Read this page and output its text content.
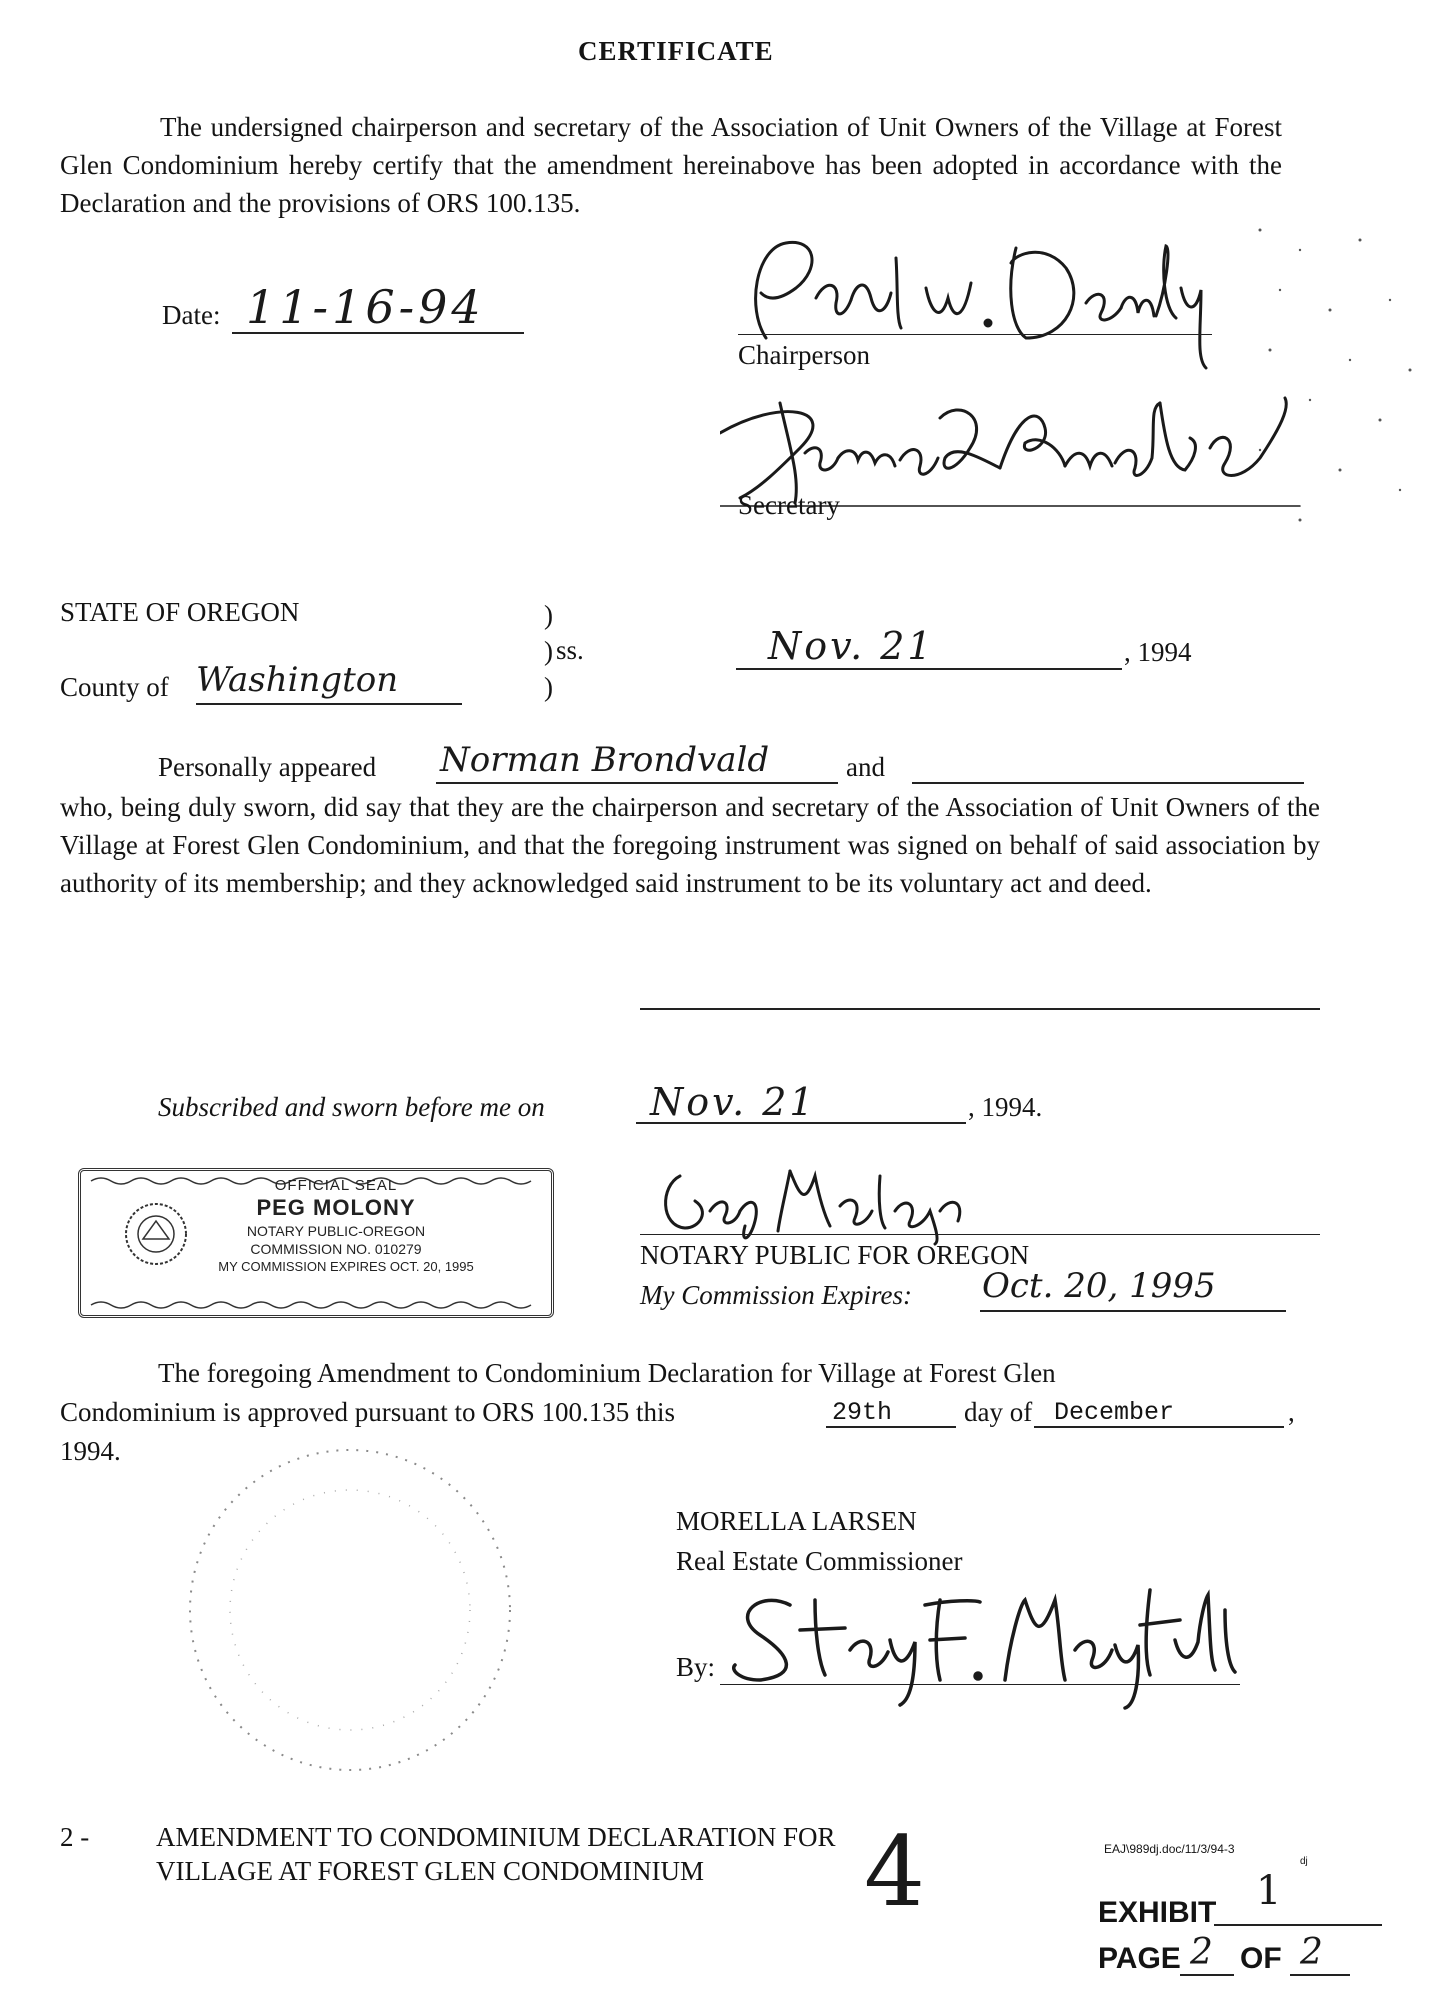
CERTIFICATE
The undersigned chairperson and secretary of the Association of Unit Owners of the Village at Forest Glen Condominium hereby certify that the amendment hereinabove has been adopted in accordance with the Declaration and the provisions of ORS 100.135.
Date: 11-16-94
Chairperson
Secretary
STATE OF OREGON	)
) ss.
)
County of Washington
Nov. 21	, 1994
Personally appeared Norman Brondvald	and
who, being duly sworn, did say that they are the chairperson and secretary of the Association of Unit Owners of the Village at Forest Glen Condominium, and that the foregoing instrument was signed on behalf of said association by authority of its membership; and they acknowledged said instrument to be its voluntary act and deed.
Subscribed and sworn before me on	Nov. 21	, 1994.
OFFICIAL SEAL
PEG MOLONY
NOTARY PUBLIC-OREGON
COMMISSION NO. 010279
MY COMMISSION EXPIRES OCT. 20, 1995	NOTARY PUBLIC FOR OREGON
My Commission Expires: Oct. 20, 1995
The foregoing Amendment to Condominium Declaration for Village at Forest Glen
Condominium is approved pursuant to ORS 100.135 this	29th	day of December	,
1994.
MORELLA LARSEN
Real Estate Commissioner
By:
2 - AMENDMENT TO CONDOMINIUM DECLARATION FOR
VILLAGE AT FOREST GLEN CONDOMINIUM 4	EAJ\989dj.doc/11/3/94-3
dj
EXHIBIT 1
PAGE 2 OF 2
